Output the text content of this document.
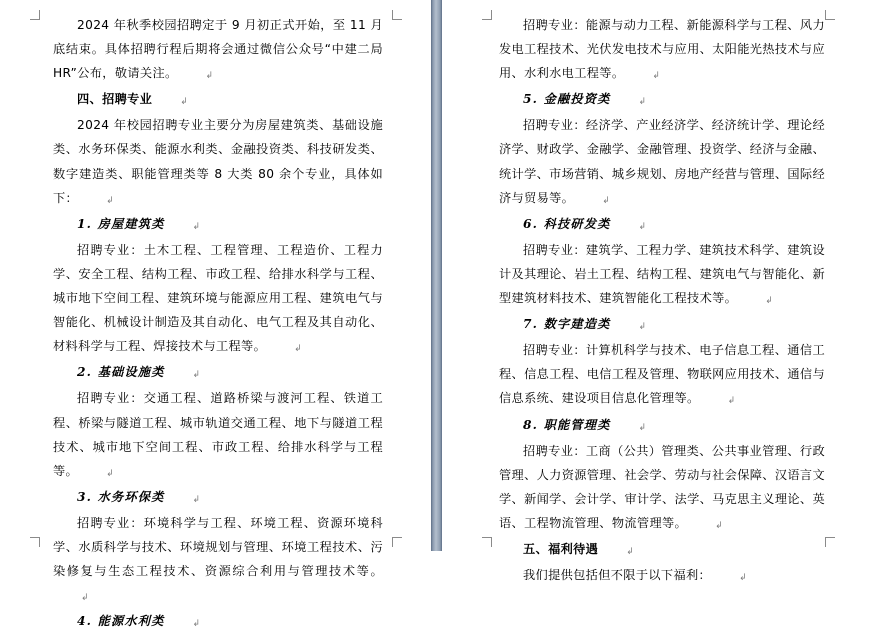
2024 年秋季校园招聘定于 9 月初正式开始，至 11 月底结束。具体招聘行程后期将会通过微信公众号“中建二局 HR”公布，敬请关注。	↲

四、招聘专业	↲

2024 年校园招聘专业主要分为房屋建筑类、基础设施类、水务环保类、能源水利类、金融投资类、科技研发类、数字建造类、职能管理类等 8 大类 80 余个专业，具体如下：	↲

1. 房屋建筑类	↲

招聘专业：土木工程、工程管理、工程造价、工程力学、安全工程、结构工程、市政工程、给排水科学与工程、城市地下空间工程、建筑环境与能源应用工程、建筑电气与智能化、机械设计制造及其自动化、电气工程及其自动化、材料科学与工程、焊接技术与工程等。	↲

2. 基础设施类	↲

招聘专业：交通工程、道路桥梁与渡河工程、铁道工程、桥梁与隧道工程、城市轨道交通工程、地下与隧道工程技术、城市地下空间工程、市政工程、给排水科学与工程等。	↲

3. 水务环保类	↲

招聘专业：环境科学与工程、环境工程、资源环境科学、水质科学与技术、环境规划与管理、环境工程技术、污染修复与生态工程技术、资源综合利用与管理技术等。↲

4. 能源水利类	↲

招聘专业：能源与动力工程、新能源科学与工程、风力发电工程技术、光伏发电技术与应用、太阳能光热技术与应用、水利水电工程等。	↲

5. 金融投资类	↲

招聘专业：经济学、产业经济学、经济统计学、理论经济学、财政学、金融学、金融管理、投资学、经济与金融、统计学、市场营销、城乡规划、房地产经营与管理、国际经济与贸易等。	↲

6. 科技研发类	↲

招聘专业：建筑学、工程力学、建筑技术科学、建筑设计及其理论、岩土工程、结构工程、建筑电气与智能化、新型建筑材料技术、建筑智能化工程技术等。	↲

7. 数字建造类	↲

招聘专业：计算机科学与技术、电子信息工程、通信工程、信息工程、电信工程及管理、物联网应用技术、通信与信息系统、建设项目信息化管理等。	↲

8. 职能管理类	↲

招聘专业：工商（公共）管理类、公共事业管理、行政管理、人力资源管理、社会学、劳动与社会保障、汉语言文学、新闻学、会计学、审计学、法学、马克思主义理论、英语、工程物流管理、物流管理等。	↲

五、福利待遇	↲

我们提供包括但不限于以下福利：	↲
